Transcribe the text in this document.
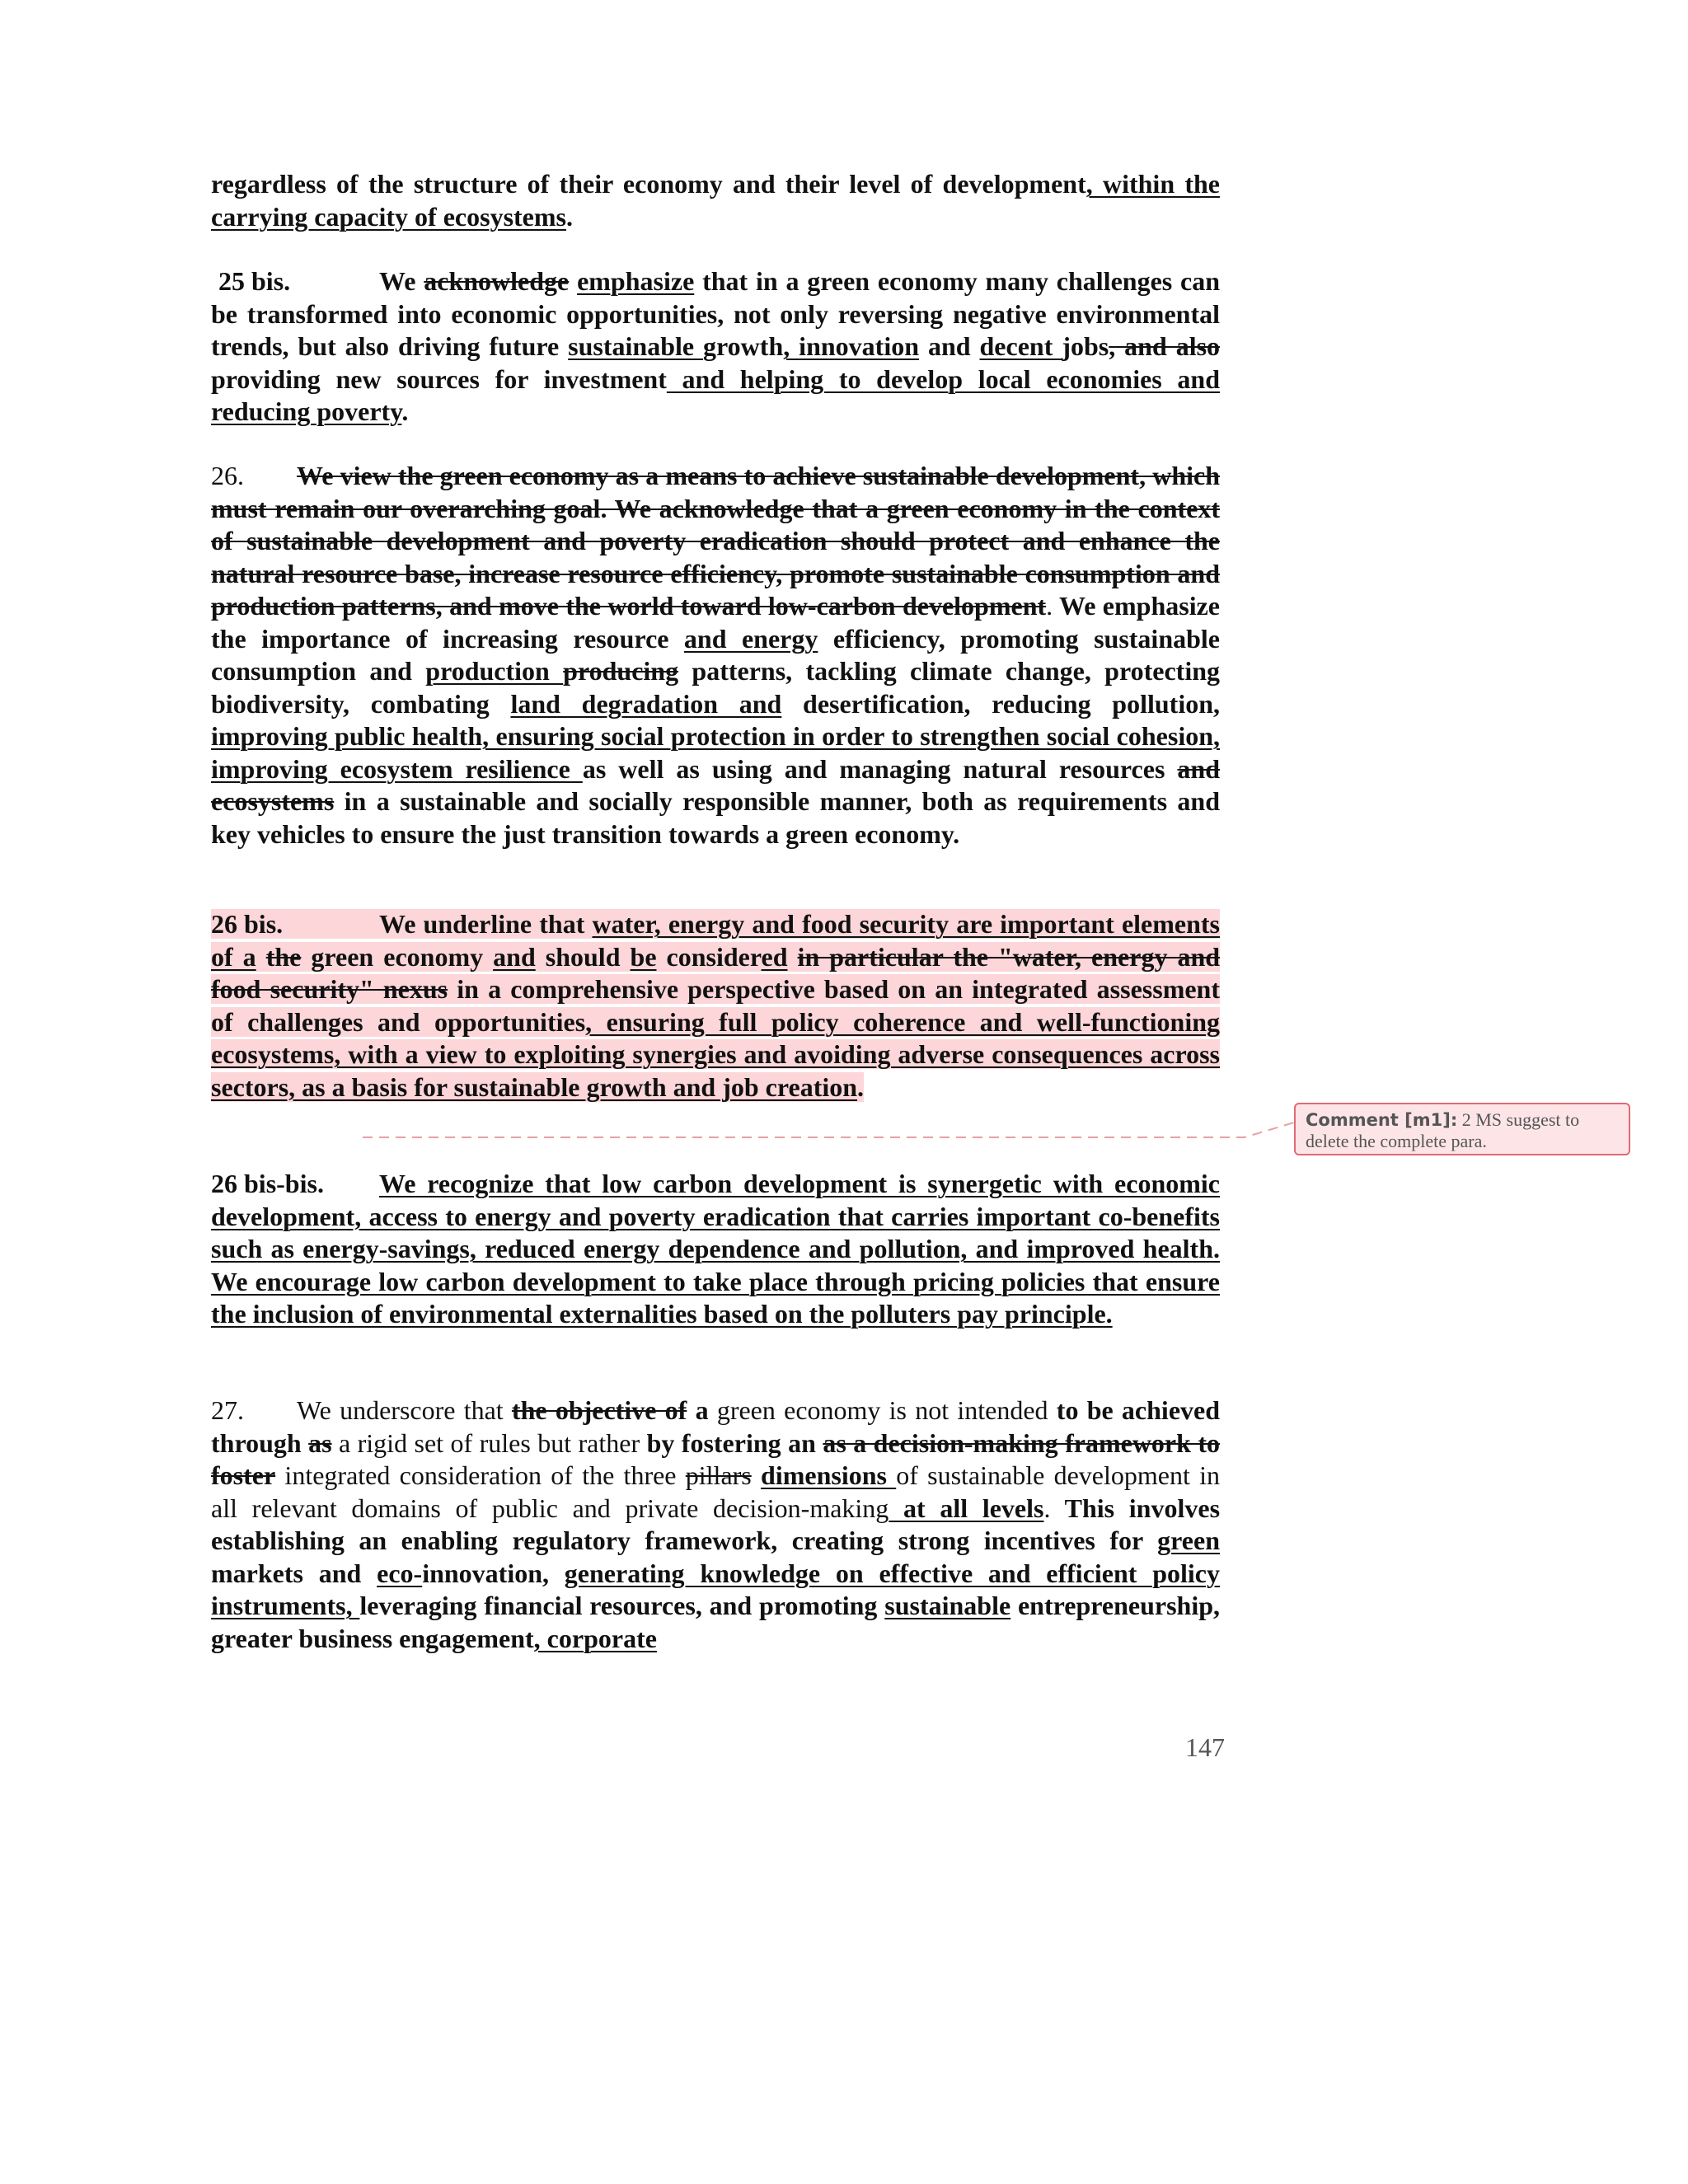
regardless of the structure of their economy and their level of development, within the carrying capacity of ecosystems.

25 bis.	We acknowledge emphasize that in a green economy many challenges can be transformed into economic opportunities, not only reversing negative environmental trends, but also driving future sustainable growth, innovation and decent jobs, and also providing new sources for investment and helping to develop local economies and reducing poverty.

26. We view the green economy as a means to achieve sustainable development, which must remain our overarching goal. We acknowledge that a green economy in the context of sustainable development and poverty eradication should protect and enhance the natural resource base, increase resource efficiency, promote sustainable consumption and production patterns, and move the world toward low-carbon development. We emphasize the importance of increasing resource and energy efficiency, promoting sustainable consumption and production producing patterns, tackling climate change, protecting biodiversity, combating land degradation and desertification, reducing pollution, improving public health, ensuring social protection in order to strengthen social cohesion, improving ecosystem resilience as well as using and managing natural resources and ecosystems in a sustainable and socially responsible manner, both as requirements and key vehicles to ensure the just transition towards a green economy.

26 bis.	We underline that water, energy and food security are important elements of a the green economy and should be considered in particular the "water, energy and food security" nexus in a comprehensive perspective based on an integrated assessment of challenges and opportunities, ensuring full policy coherence and well-functioning ecosystems, with a view to exploiting synergies and avoiding adverse consequences across sectors, as a basis for sustainable growth and job creation.

26 bis-bis. We recognize that low carbon development is synergetic with economic development, access to energy and poverty eradication that carries important co-benefits such as energy-savings, reduced energy dependence and pollution, and improved health. We encourage low carbon development to take place through pricing policies that ensure the inclusion of environmental externalities based on the polluters pay principle.

27. We underscore that the objective of a green economy is not intended to be achieved through as a rigid set of rules but rather by fostering an as a decision-making framework to foster integrated consideration of the three pillars dimensions of sustainable development in all relevant domains of public and private decision-making at all levels. This involves establishing an enabling regulatory framework, creating strong incentives for green markets and eco-innovation, generating knowledge on effective and efficient policy instruments, leveraging financial resources, and promoting sustainable entrepreneurship, greater business engagement, corporate

147
Comment [m1]: 2 MS suggest to delete the complete para.
